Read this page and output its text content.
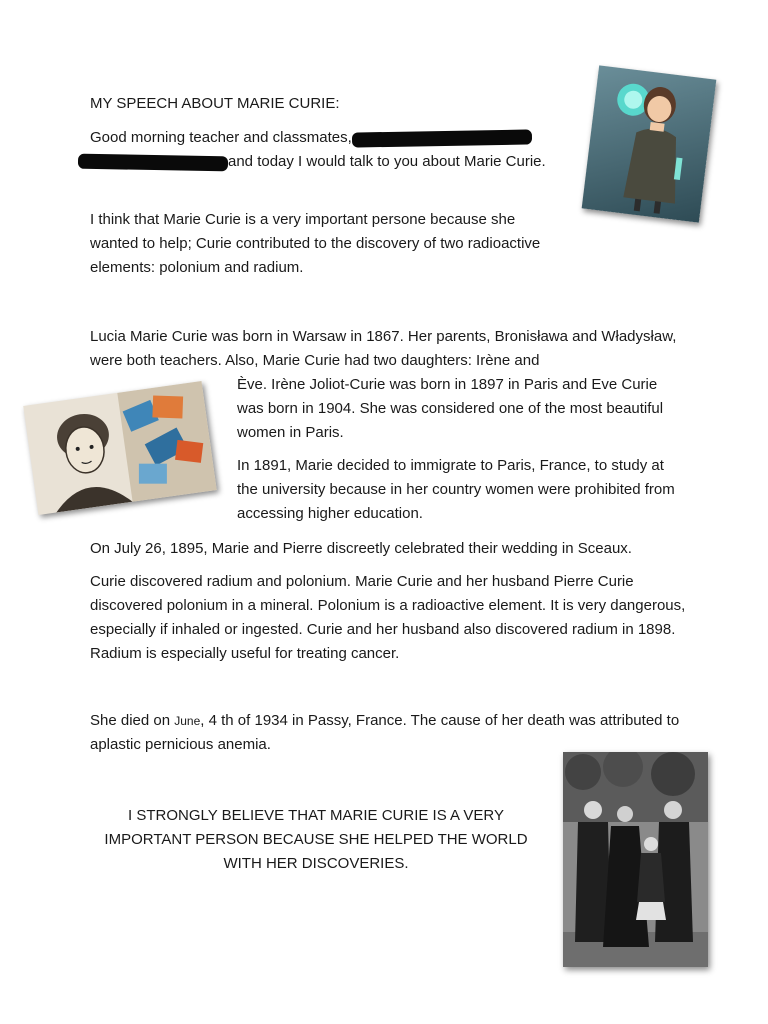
MY SPEECH ABOUT MARIE CURIE:
Good morning teacher and classmates, and today I would talk to you about Marie Curie.
I think that Marie Curie is a very important persone because she wanted to help; Curie contributed to the discovery of two radioactive elements: polonium and radium.
Lucia Marie Curie was born in Warsaw in 1867. Her parents, Bronisława and Władysław, were both teachers. Also, Marie Curie had two daughters: Irène and
Ève. Irène Joliot-Curie was born in 1897 in Paris and Eve Curie was born in 1904. She was considered one of the most beautiful women in Paris.
In 1891, Marie decided to immigrate to Paris, France, to study at the university because in her country women were prohibited from accessing higher education.
On July 26, 1895, Marie and Pierre discreetly celebrated their wedding in Sceaux.
Curie discovered radium and polonium. Marie Curie and her husband Pierre Curie discovered polonium in a mineral. Polonium is a radioactive element. It is very dangerous, especially if inhaled or ingested. Curie and her husband also discovered radium in 1898. Radium is especially useful for treating cancer.
She died on June, 4 th of 1934 in Passy, France. The cause of her death was attributed to aplastic pernicious anemia.
I STRONGLY BELIEVE THAT MARIE CURIE IS A VERY IMPORTANT PERSON BECAUSE SHE HELPED THE WORLD WITH HER DISCOVERIES.
